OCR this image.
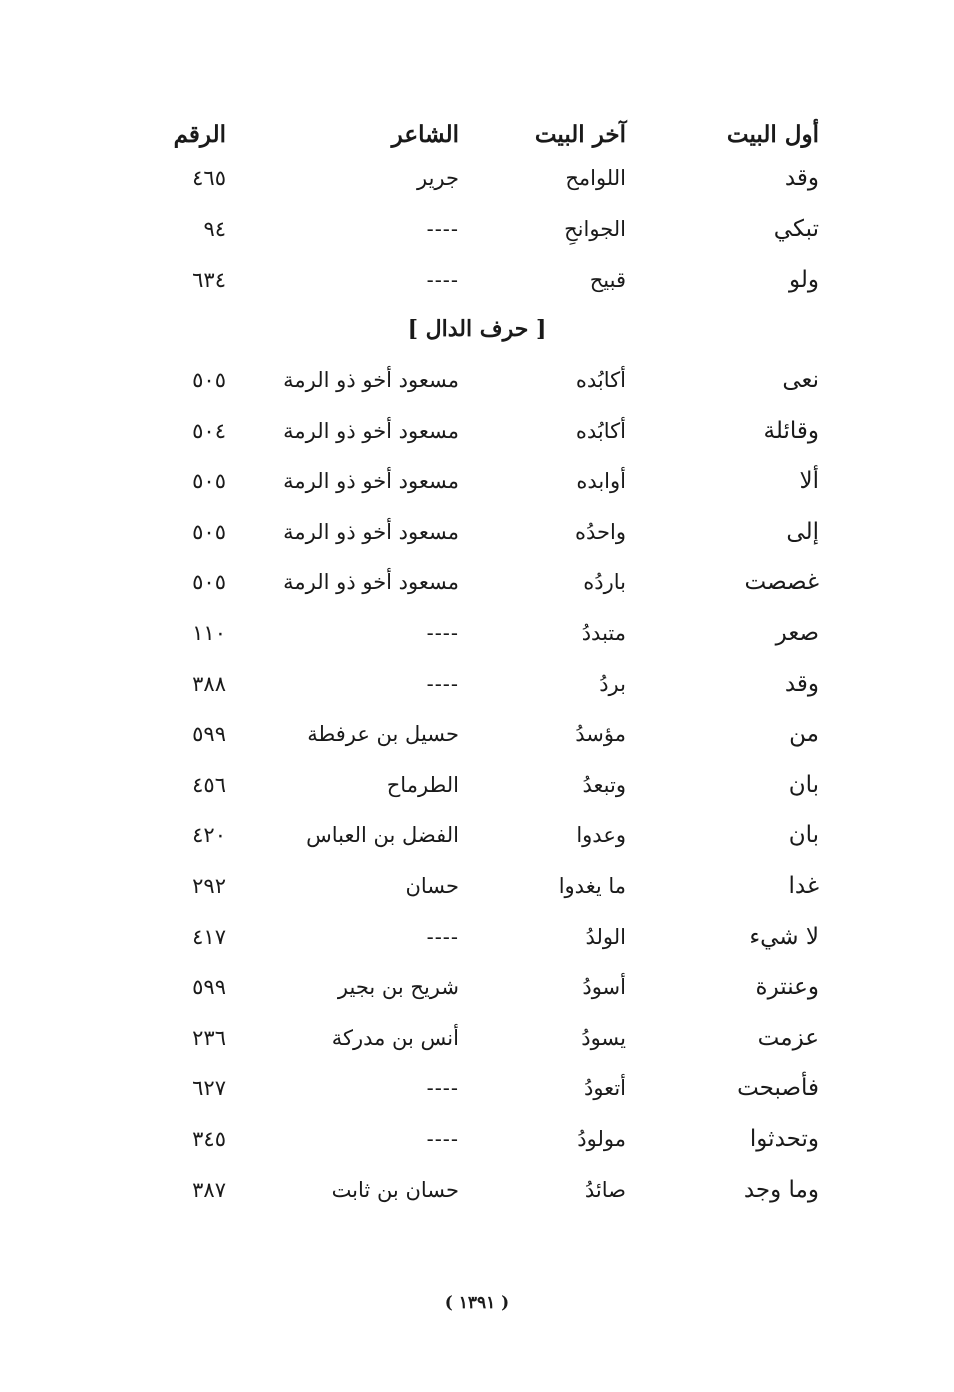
أول البيت
آخر البيت
الشاعر
الرقم
وقد
اللوامح
جرير
٤٦٥
تبكي
الجوانحِ
----
٩٤
ولو
قبيح
----
٦٣٤
[ حرف الدال ]
نعى
أكابُده
مسعود أخو ذو الرمة
٥٠٥
وقائلة
أكابُده
مسعود أخو ذو الرمة
٥٠٤
ألا
أوابده
مسعود أخو ذو الرمة
٥٠٥
إلى
واحدُه
مسعود أخو ذو الرمة
٥٠٥
غصصت
باردُه
مسعود أخو ذو الرمة
٥٠٥
صعر
متبددُ
----
١١٠
وقد
بردُ
----
٣٨٨
من
مؤسدُ
حسيل بن عرفطة
٥٩٩
بان
وتبعدُ
الطرماح
٤٥٦
بان
وعدوا
الفضل بن العباس
٤٢٠
غدا
ما يغدوا
حسان
٢٩٢
لا شيء
الولدُ
----
٤١٧
وعنترة
أسودُ
شريح بن بجير
٥٩٩
عزمت
يسودُ
أنس بن مدركة
٢٣٦
فأصبحت
أتعودُ
----
٦٢٧
وتحدثوا
مولودُ
----
٣٤٥
وما وجد
صائدُ
حسان بن ثابت
٣٨٧
( ١٣٩١ )
